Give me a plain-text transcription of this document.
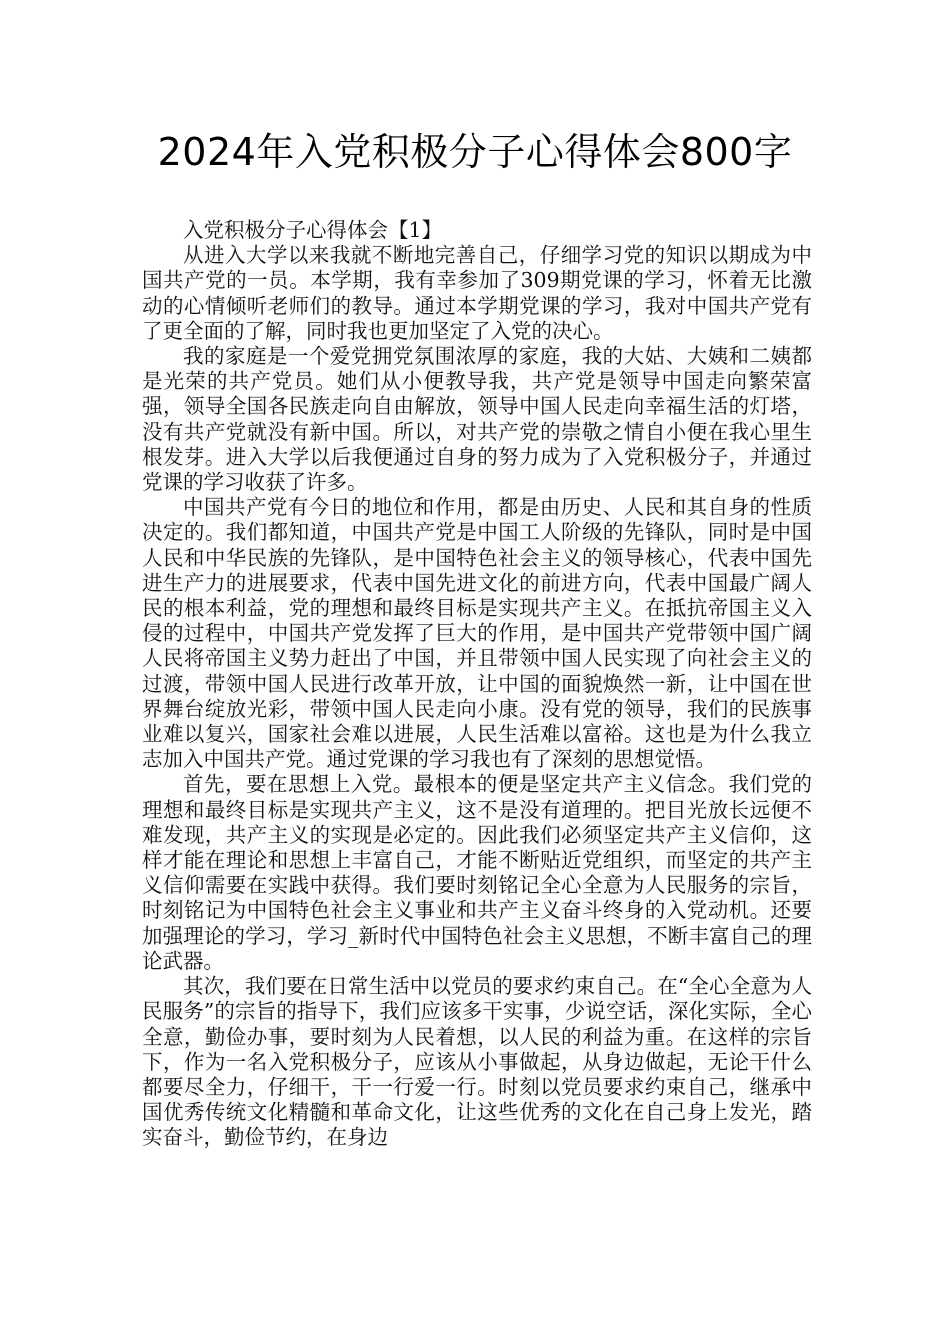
2024年入党积极分子心得体会800字

入党积极分子心得体会【1】

从进入大学以来我就不断地完善自己，仔细学习党的知识以期成为中国共产党的一员。本学期，我有幸参加了309期党课的学习，怀着无比激动的心情倾听老师们的教导。通过本学期党课的学习，我对中国共产党有了更全面的了解，同时我也更加坚定了入党的决心。

我的家庭是一个爱党拥党氛围浓厚的家庭，我的大姑、大姨和二姨都是光荣的共产党员。她们从小便教导我，共产党是领导中国走向繁荣富强，领导全国各民族走向自由解放，领导中国人民走向幸福生活的灯塔，没有共产党就没有新中国。所以，对共产党的崇敬之情自小便在我心里生根发芽。进入大学以后我便通过自身的努力成为了入党积极分子，并通过党课的学习收获了许多。

中国共产党有今日的地位和作用，都是由历史、人民和其自身的性质决定的。我们都知道，中国共产党是中国工人阶级的先锋队，同时是中国人民和中华民族的先锋队，是中国特色社会主义的领导核心，代表中国先进生产力的进展要求，代表中国先进文化的前进方向，代表中国最广阔人民的根本利益，党的理想和最终目标是实现共产主义。在抵抗帝国主义入侵的过程中，中国共产党发挥了巨大的作用，是中国共产党带领中国广阔人民将帝国主义势力赶出了中国，并且带领中国人民实现了向社会主义的过渡，带领中国人民进行改革开放，让中国的面貌焕然一新，让中国在世界舞台绽放光彩，带领中国人民走向小康。没有党的领导，我们的民族事业难以复兴，国家社会难以进展，人民生活难以富裕。这也是为什么我立志加入中国共产党。通过党课的学习我也有了深刻的思想觉悟。

首先，要在思想上入党。最根本的便是坚定共产主义信念。我们党的理想和最终目标是实现共产主义，这不是没有道理的。把目光放长远便不难发现，共产主义的实现是必定的。因此我们必须坚定共产主义信仰，这样才能在理论和思想上丰富自己，才能不断贴近党组织，而坚定的共产主义信仰需要在实践中获得。我们要时刻铭记全心全意为人民服务的宗旨，时刻铭记为中国特色社会主义事业和共产主义奋斗终身的入党动机。还要加强理论的学习，学习_新时代中国特色社会主义思想，不断丰富自己的理论武器。

其次，我们要在日常生活中以党员的要求约束自己。在“全心全意为人民服务”的宗旨的指导下，我们应该多干实事，少说空话，深化实际，全心全意，勤俭办事，要时刻为人民着想，以人民的利益为重。在这样的宗旨下，作为一名入党积极分子，应该从小事做起，从身边做起，无论干什么都要尽全力，仔细干，干一行爱一行。时刻以党员要求约束自己，继承中国优秀传统文化精髓和革命文化，让这些优秀的文化在自己身上发光，踏实奋斗，勤俭节约，在身边
